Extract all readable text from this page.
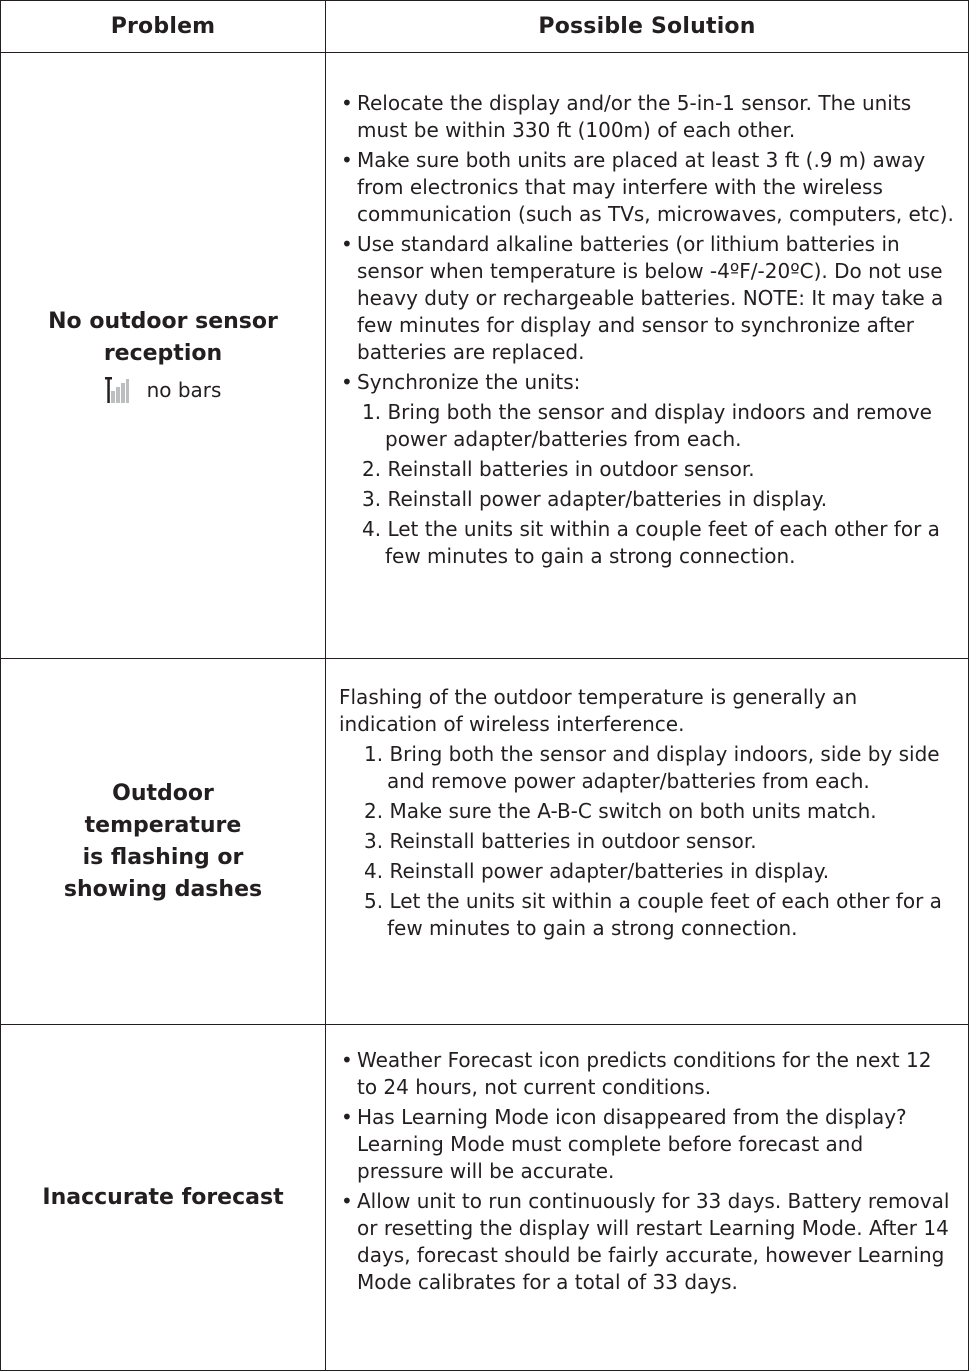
Problem	Possible Solution
No outdoor sensor
reception
no bars
• Relocate the display and/or the 5-in-1 sensor. The units must be within 330 ft (100m) of each other.
• Make sure both units are placed at least 3 ft (.9 m) away from electronics that may interfere with the wireless communication (such as TVs, microwaves, computers, etc).
• Use standard alkaline batteries (or lithium batteries in sensor when temperature is below -4ºF/-20ºC). Do not use heavy duty or rechargeable batteries. NOTE: It may take a few minutes for display and sensor to synchronize after batteries are replaced.
• Synchronize the units:
1. Bring both the sensor and display indoors and remove power adapter/batteries from each.
2. Reinstall batteries in outdoor sensor.
3. Reinstall power adapter/batteries in display.
4. Let the units sit within a couple feet of each other for a few minutes to gain a strong connection.
Outdoor
temperature
is flashing or
showing dashes

Flashing of the outdoor temperature is generally an indication of wireless interference.

1. Bring both the sensor and display indoors, side by side and remove power adapter/batteries from each.
2. Make sure the A-B-C switch on both units match.
3. Reinstall batteries in outdoor sensor.
4. Reinstall power adapter/batteries in display.
5. Let the units sit within a couple feet of each other for a few minutes to gain a strong connection.
Inaccurate forecast
• Weather Forecast icon predicts conditions for the next 12 to 24 hours, not current conditions.
• Has Learning Mode icon disappeared from the display? Learning Mode must complete before forecast and pressure will be accurate.
• Allow unit to run continuously for 33 days. Battery removal or resetting the display will restart Learning Mode. After 14 days, forecast should be fairly accurate, however Learning Mode calibrates for a total of 33 days.
